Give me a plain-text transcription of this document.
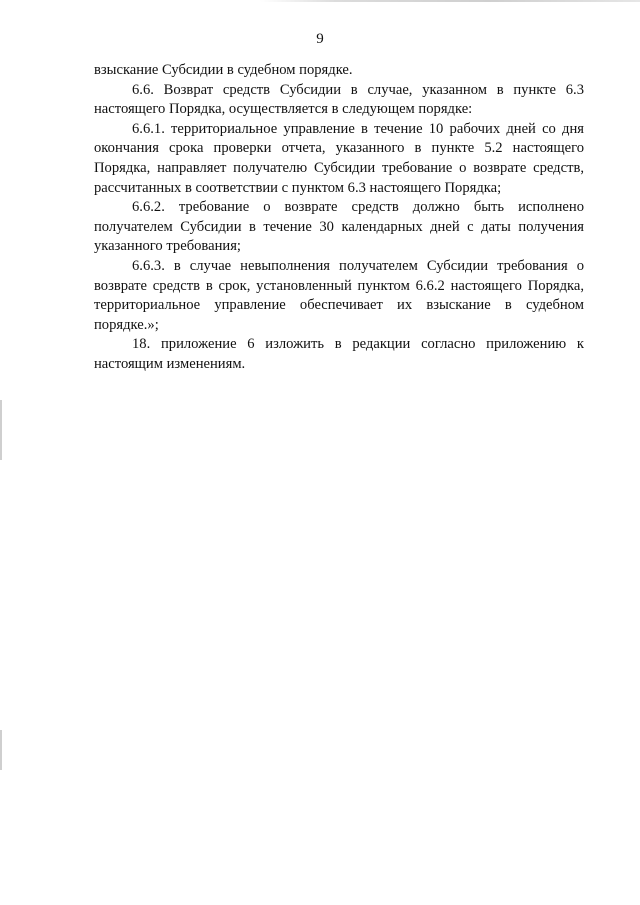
9

взыскание Субсидии в судебном порядке.

6.6. Возврат средств Субсидии в случае, указанном в пункте 6.3 настоящего Порядка, осуществляется в следующем порядке:

6.6.1. территориальное управление в течение 10 рабочих дней со дня окончания срока проверки отчета, указанного в пункте 5.2 настоящего Порядка, направляет получателю Субсидии требование о возврате средств, рассчитанных в соответствии с пунктом 6.3 настоящего Порядка;

6.6.2. требование о возврате средств должно быть исполнено получателем Субсидии в течение 30 календарных дней с даты получения указанного требования;

6.6.3. в случае невыполнения получателем Субсидии требования о возврате средств в срок, установленный пунктом 6.6.2 настоящего Порядка, территориальное управление обеспечивает их взыскание в судебном порядке.»;

18. приложение 6 изложить в редакции согласно приложению к настоящим изменениям.
